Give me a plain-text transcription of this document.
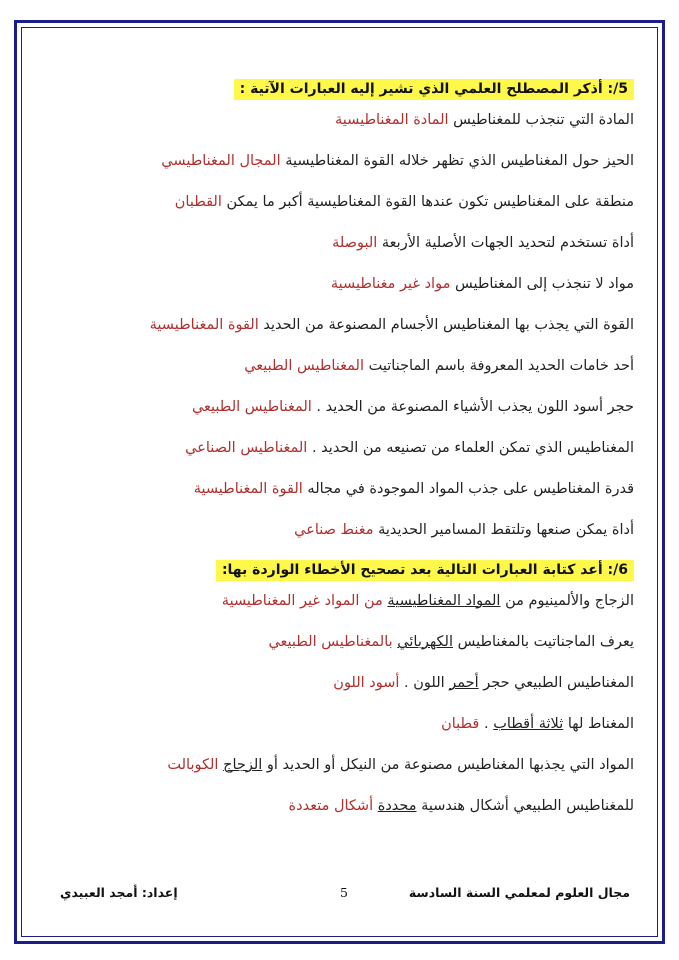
5/: أذكر المصطلح العلمي الذي تشير إليه العبارات الآتية :
المادة التي تنجذب للمغناطيس المادة المغناطيسية
الحيز حول المغناطيس الذي تظهر خلاله القوة المغناطيسية المجال المغناطيسي
منطقة على المغناطيس تكون عندها القوة المغناطيسية أكبر ما يمكن القطبان
أداة تستخدم لتحديد الجهات الأصلية الأربعة البوصلة
مواد لا تنجذب إلى المغناطيس مواد غير مغناطيسية
القوة التي يجذب بها المغناطيس الأجسام المصنوعة من الحديد القوة المغناطيسية
أحد خامات الحديد المعروفة باسم الماجناتيت المغناطيس الطبيعي
حجر أسود اللون يجذب الأشياء المصنوعة من الحديد . المغناطيس الطبيعي
المغناطيس الذي تمكن العلماء من تصنيعه من الحديد . المغناطيس الصناعي
قدرة المغناطيس على جذب المواد الموجودة في مجاله القوة المغناطيسية
أداة يمكن صنعها وتلتقط المسامير الحديدية مغنط صناعي
6/: أعد كتابة العبارات التالية بعد تصحيح الأخطاء الواردة بها:
الزجاج والألمينيوم من المواد المغناطيسية من المواد غير المغناطيسية
يعرف الماجناتيت بالمغناطيس الكهربائي بالمغناطيس الطبيعي
المغناطيس الطبيعي حجر أحمر اللون . أسود اللون
المغناط لها ثلاثة أقطاب . قطبان
المواد التي يجذبها المغناطيس مصنوعة من النيكل أو الحديد أو الزجاج الكوبالت
للمغناطيس الطبيعي أشكال هندسية محددة أشكال متعددة
مجال العلوم لمعلمي السنة السادسة
5
إعداد: أمجد العبيدي
